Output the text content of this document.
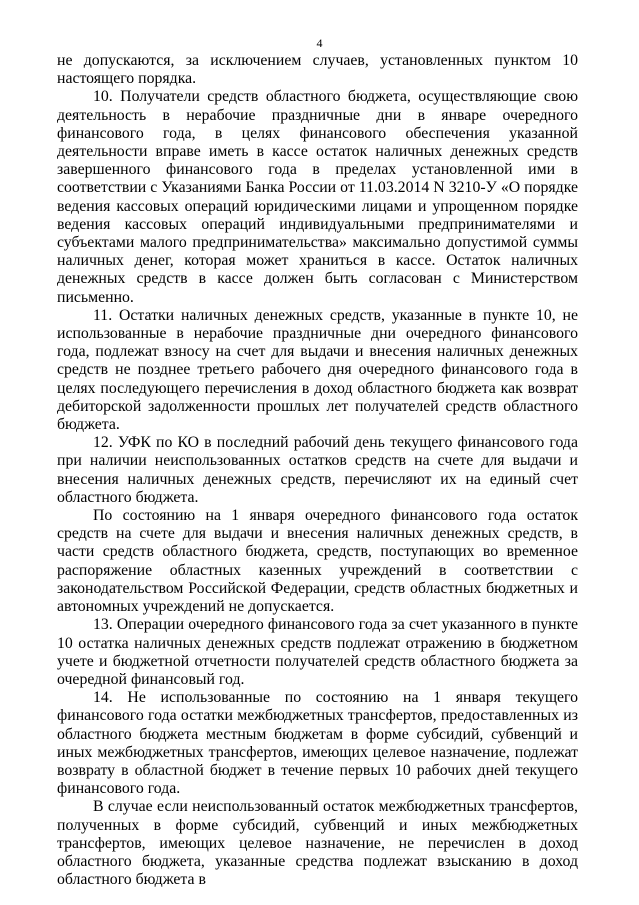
4

не допускаются, за исключением случаев, установленных пунктом 10 настоящего порядка.

10. Получатели средств областного бюджета, осуществляющие свою деятельность в нерабочие праздничные дни в январе очередного финансового года, в целях финансового обеспечения указанной деятельности вправе иметь в кассе остаток наличных денежных средств завершенного финансового года в пределах установленной ими в соответствии с Указаниями Банка России от 11.03.2014 N 3210-У «О порядке ведения кассовых операций юридическими лицами и упрощенном порядке ведения кассовых операций индивидуальными предпринимателями и субъектами малого предпринимательства» максимально допустимой суммы наличных денег, которая может храниться в кассе. Остаток наличных денежных средств в кассе должен быть согласован с Министерством письменно.

11. Остатки наличных денежных средств, указанные в пункте 10, не использованные в нерабочие праздничные дни очередного финансового года, подлежат взносу на счет для выдачи и внесения наличных денежных средств не позднее третьего рабочего дня очередного финансового года в целях последующего перечисления в доход областного бюджета как возврат дебиторской задолженности прошлых лет получателей средств областного бюджета.

12. УФК по КО в последний рабочий день текущего финансового года при наличии неиспользованных остатков средств на счете для выдачи и внесения наличных денежных средств, перечисляют их на единый счет областного бюджета.

По состоянию на 1 января очередного финансового года остаток средств на счете для выдачи и внесения наличных денежных средств, в части средств областного бюджета, средств, поступающих во временное распоряжение областных казенных учреждений в соответствии с законодательством Российской Федерации, средств областных бюджетных и автономных учреждений не допускается.

13. Операции очередного финансового года за счет указанного в пункте 10 остатка наличных денежных средств подлежат отражению в бюджетном учете и бюджетной отчетности получателей средств областного бюджета за очередной финансовый год.

14. Не использованные по состоянию на 1 января текущего финансового года остатки межбюджетных трансфертов, предоставленных из областного бюджета местным бюджетам в форме субсидий, субвенций и иных межбюджетных трансфертов, имеющих целевое назначение, подлежат возврату в областной бюджет в течение первых 10 рабочих дней текущего финансового года.

В случае если неиспользованный остаток межбюджетных трансфертов, полученных в форме субсидий, субвенций и иных межбюджетных трансфертов, имеющих целевое назначение, не перечислен в доход областного бюджета, указанные средства подлежат взысканию в доход областного бюджета в
